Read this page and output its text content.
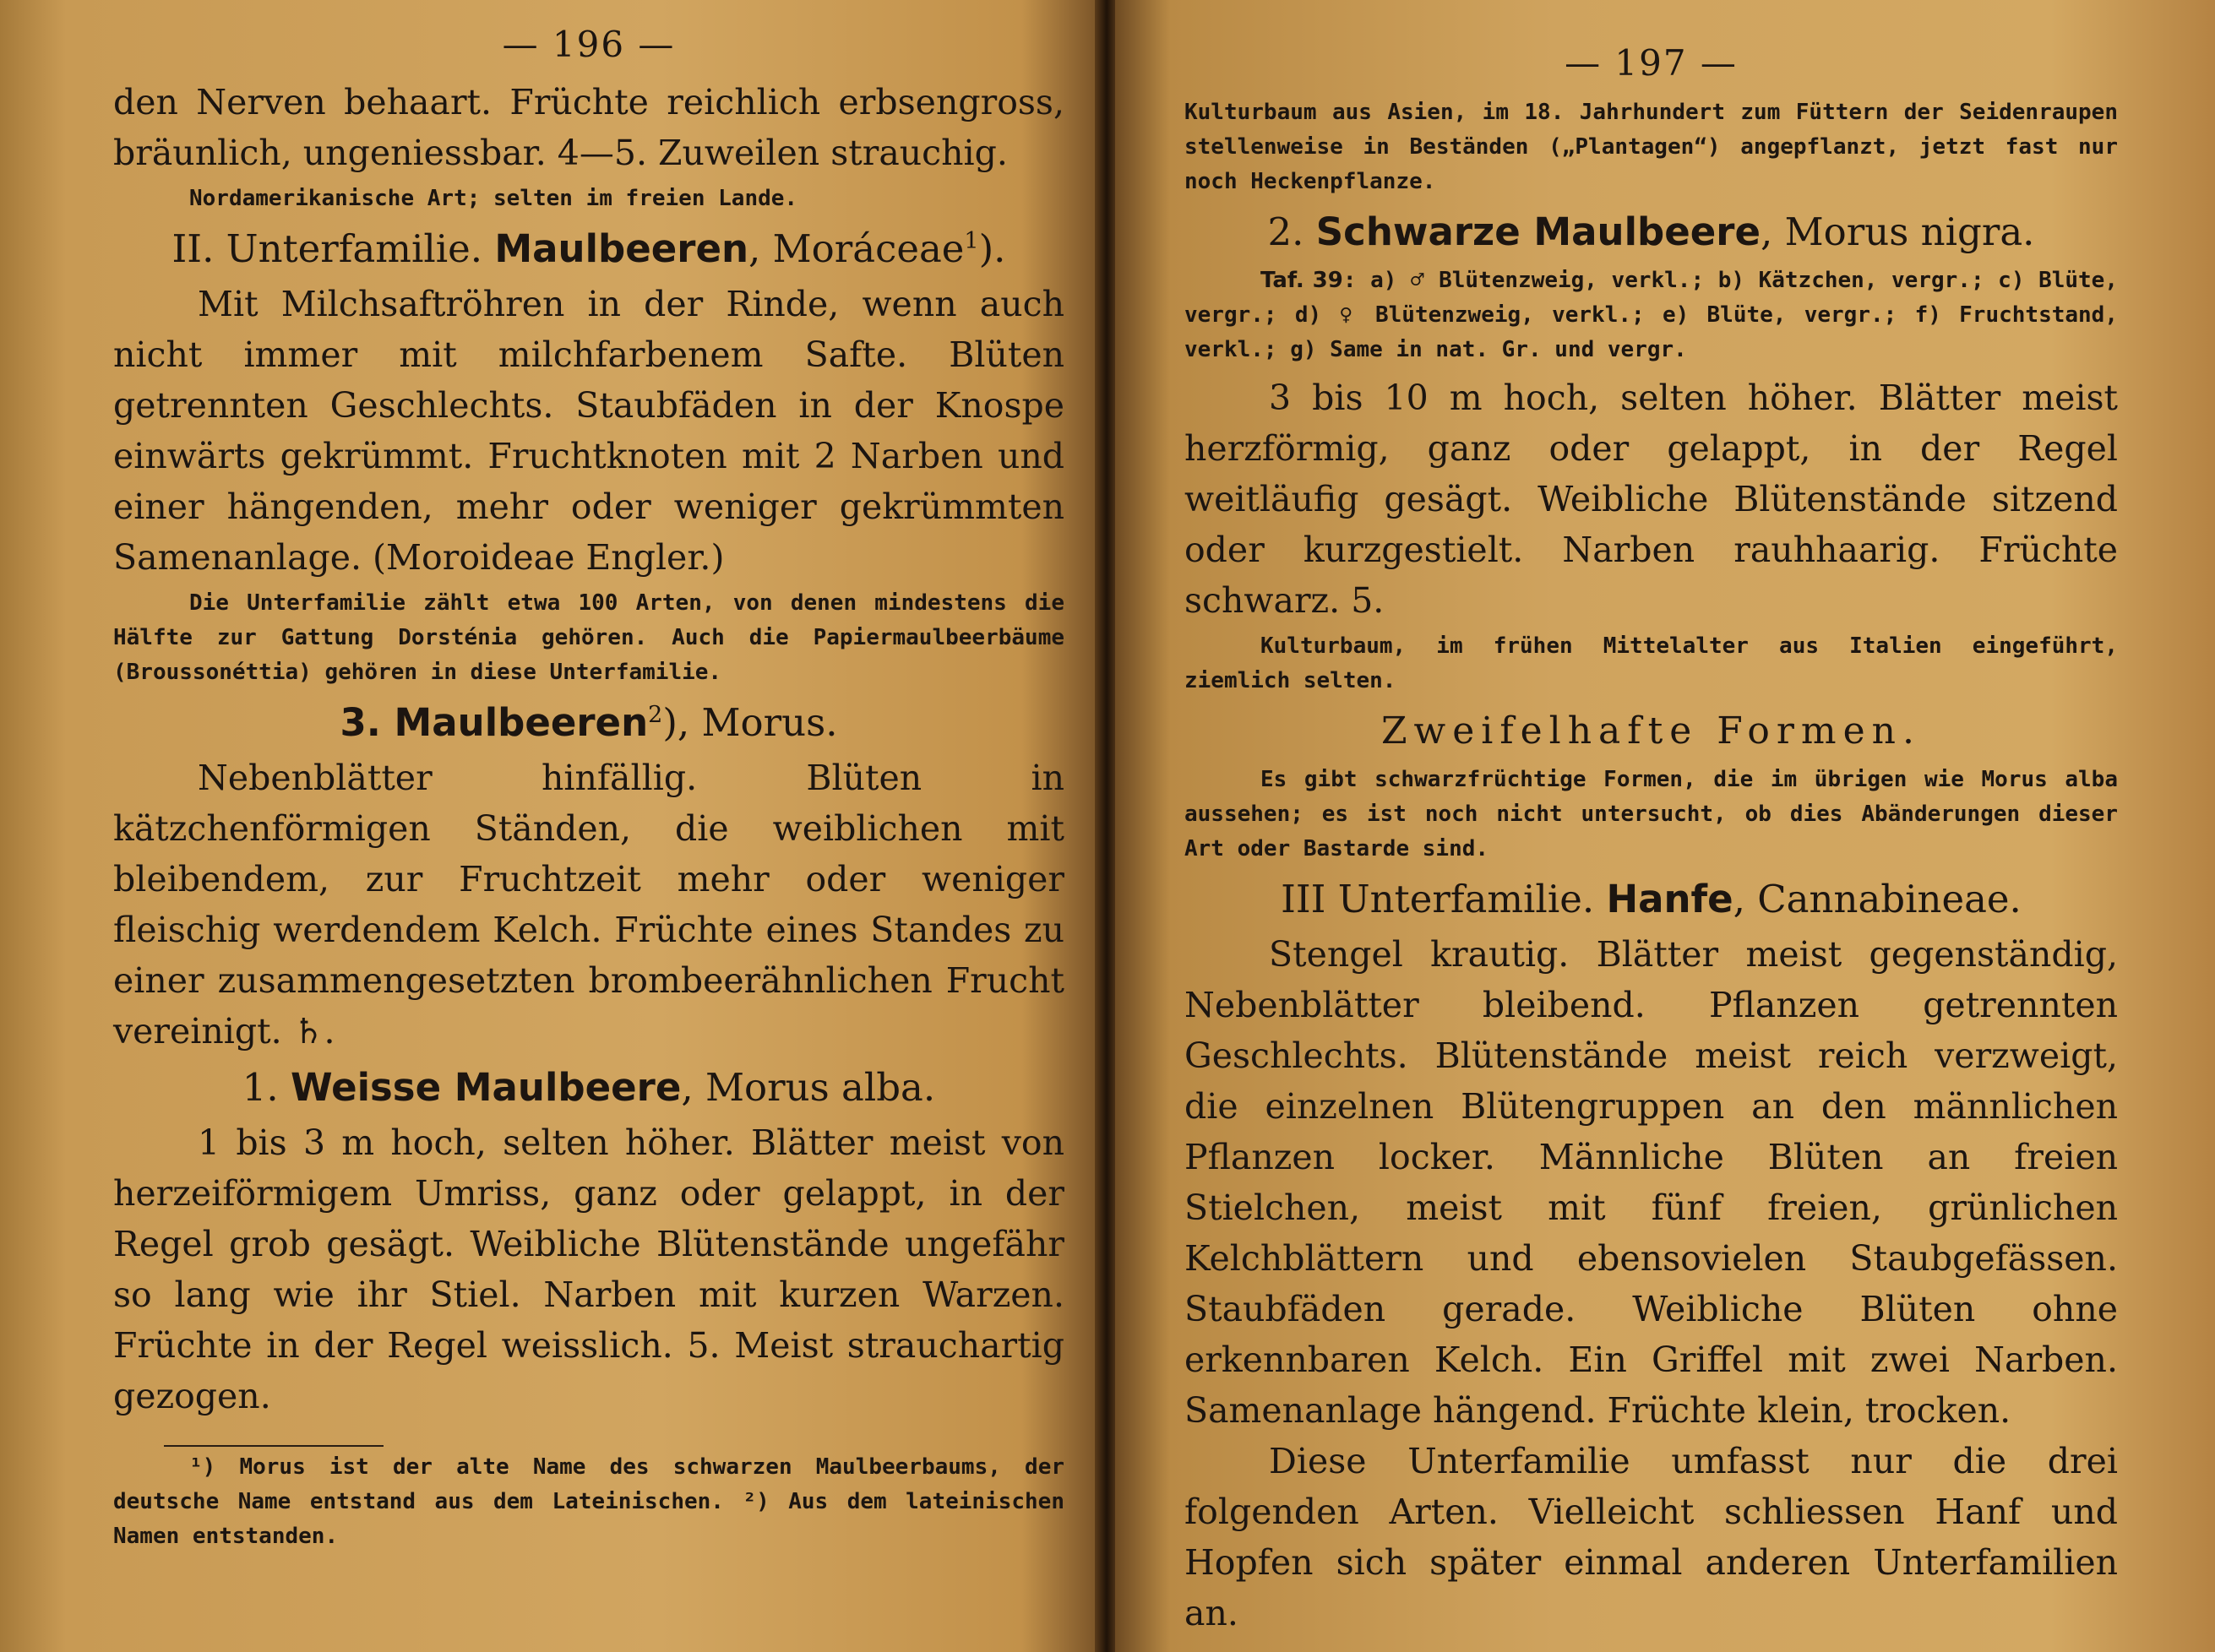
— 196 —

den Nerven behaart. Früchte reichlich erbsengross, bräunlich, ungeniessbar. 4—5. Zuweilen strauchig.

Nordamerikanische Art; selten im freien Lande.

II. Unterfamilie. Maulbeeren, Moráceae$^1$).

Mit Milchsaftröhren in der Rinde, wenn auch nicht immer mit milchfarbenem Safte. Blüten getrennten Geschlechts. Staubfäden in der Knospe einwärts gekrümmt. Fruchtknoten mit 2 Narben und einer hängenden, mehr oder weniger gekrümmten Samenanlage. (Moroideae Engler.)

Die Unterfamilie zählt etwa 100 Arten, von denen mindestens die Hälfte zur Gattung Dorsténia gehören. Auch die Papiermaulbeerbäume (Broussonéttia) gehören in diese Unterfamilie.

3. Maulbeeren$^2$), Morus.

Nebenblätter hinfällig. Blüten in kätzchenförmigen Ständen, die weiblichen mit bleibendem, zur Fruchtzeit mehr oder weniger fleischig werdendem Kelch. Früchte eines Standes zu einer zusammengesetzten brombeerähnlichen Frucht vereinigt. ♄.

1. Weisse Maulbeere, Morus alba.

1 bis 3 m hoch, selten höher. Blätter meist von herzeiförmigem Umriss, ganz oder gelappt, in der Regel grob gesägt. Weibliche Blütenstände ungefähr so lang wie ihr Stiel. Narben mit kurzen Warzen. Früchte in der Regel weisslich. 5. Meist strauchartig gezogen.

¹) Morus ist der alte Name des schwarzen Maulbeerbaums, der deutsche Name entstand aus dem Lateinischen. ²) Aus dem lateinischen Namen entstanden.

— 197 —

Kulturbaum aus Asien, im 18. Jahrhundert zum Füttern der Seidenraupen stellenweise in Beständen („Plantagen“) angepflanzt, jetzt fast nur noch Heckenpflanze.

2. Schwarze Maulbeere, Morus nigra.

Taf. 39: a) ♂ Blütenzweig, verkl.; b) Kätzchen, vergr.; c) Blüte, vergr.; d) ♀ Blütenzweig, verkl.; e) Blüte, vergr.; f) Fruchtstand, verkl.; g) Same in nat. Gr. und vergr.

3 bis 10 m hoch, selten höher. Blätter meist herzförmig, ganz oder gelappt, in der Regel weitläufig gesägt. Weibliche Blütenstände sitzend oder kurzgestielt. Narben rauhhaarig. Früchte schwarz. 5.

Kulturbaum, im frühen Mittelalter aus Italien eingeführt, ziemlich selten.

Zweifelhafte Formen.

Es gibt schwarzfrüchtige Formen, die im übrigen wie Morus alba aussehen; es ist noch nicht untersucht, ob dies Abänderungen dieser Art oder Bastarde sind.

III Unterfamilie. Hanfe, Cannabineae.

Stengel krautig. Blätter meist gegenständig, Nebenblätter bleibend. Pflanzen getrennten Geschlechts. Blütenstände meist reich verzweigt, die einzelnen Blütengruppen an den männlichen Pflanzen locker. Männliche Blüten an freien Stielchen, meist mit fünf freien, grünlichen Kelchblättern und ebensovielen Staubgefässen. Staubfäden gerade. Weibliche Blüten ohne erkennbaren Kelch. Ein Griffel mit zwei Narben. Samenanlage hängend. Früchte klein, trocken.

Diese Unterfamilie umfasst nur die drei folgenden Arten. Vielleicht schliessen Hanf und Hopfen sich später einmal anderen Unterfamilien an.
